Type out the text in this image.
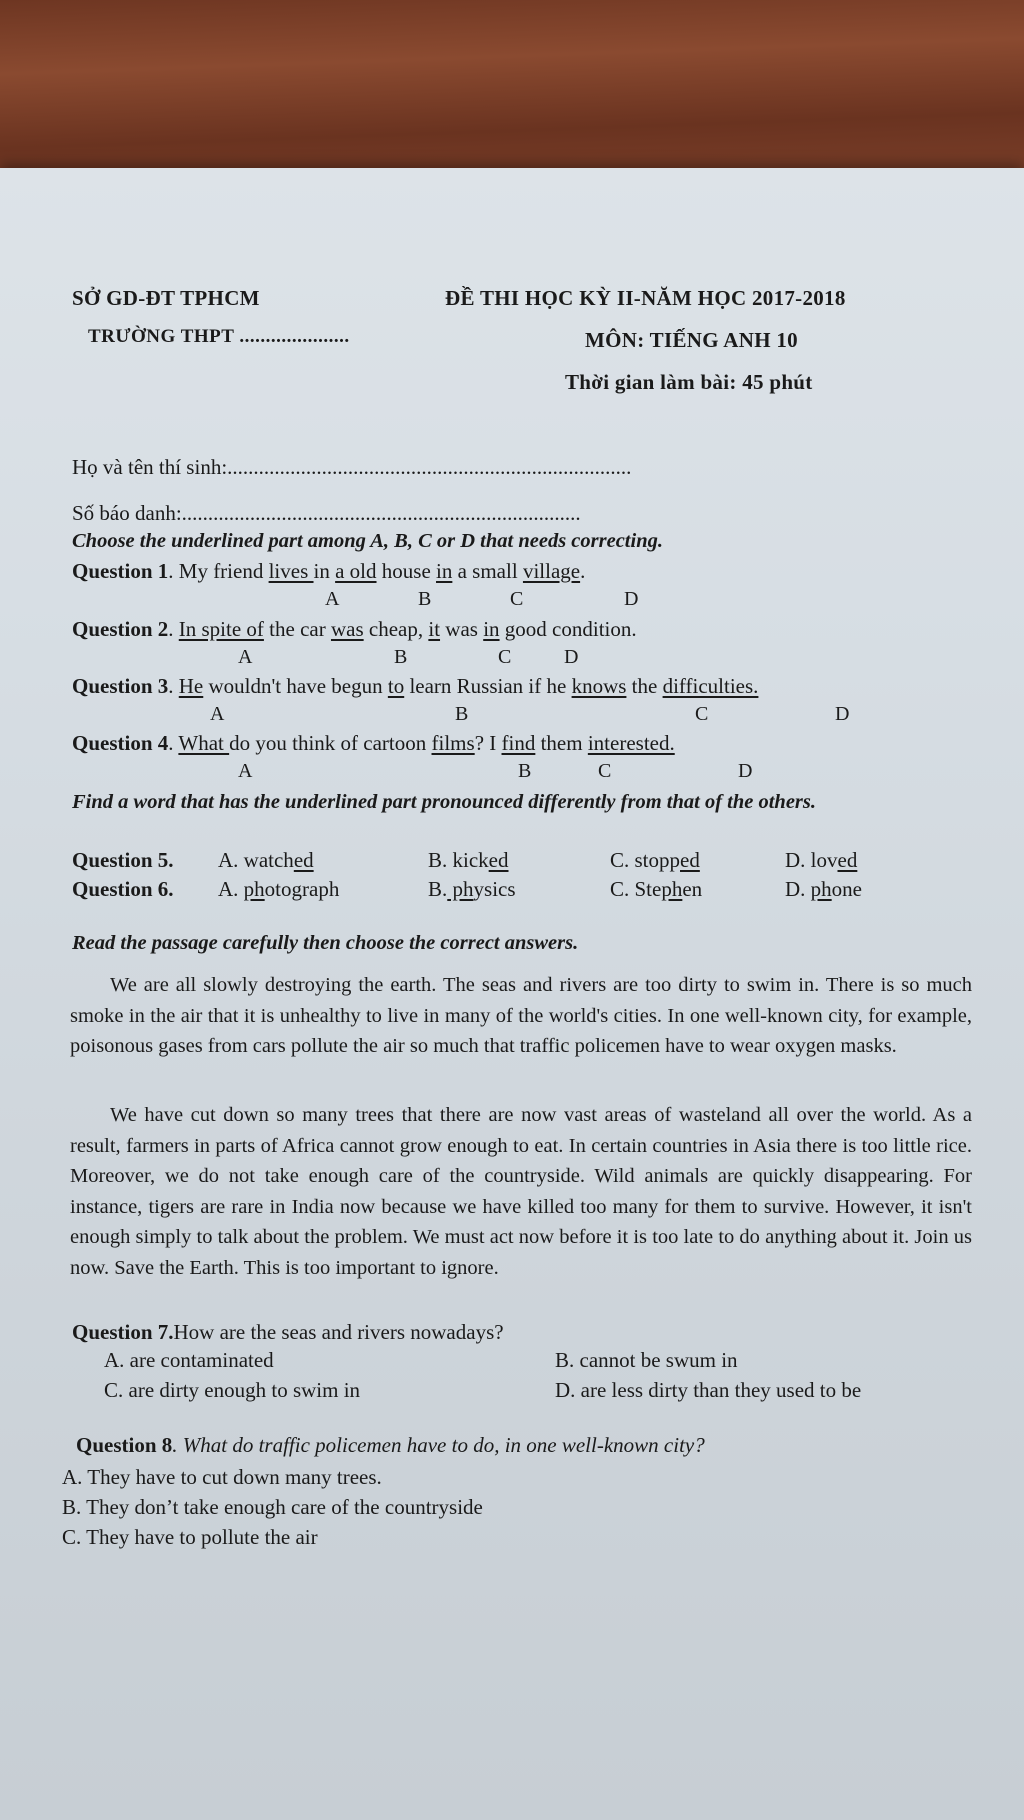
SỞ GD-ĐT TPHCM
TRƯỜNG THPT .....................
ĐỀ THI HỌC KỲ II-NĂM HỌC 2017-2018
MÔN: TIẾNG ANH 10
Thời gian làm bài: 45 phút
Họ và tên thí sinh:.............................................................................
Số báo danh:............................................................................
Choose the underlined part among A, B, C or D that needs correcting.
Question 1. My friend lives in a old house in a small village.
A	B	C	D
Question 2. In spite of the car was cheap, it was in good condition.
A	B	C	D
Question 3. He wouldn't have begun to learn Russian if he knows the difficulties.
A	B	C	D
Question 4. What do you think of cartoon films? I find them interested.
A	B	C	D
Find a word that has the underlined part pronounced differently from that of the others.
Question 5. A. watched	B. kicked	C. stopped	D. loved
Question 6. A. photograph	B. physics	C. Stephen	D. phone
Read the passage carefully then choose the correct answers.
We are all slowly destroying the earth. The seas and rivers are too dirty to swim in. There is so much smoke in the air that it is unhealthy to live in many of the world's cities. In one well-known city, for example, poisonous gases from cars pollute the air so much that traffic policemen have to wear oxygen masks.
We have cut down so many trees that there are now vast areas of wasteland all over the world. As a result, farmers in parts of Africa cannot grow enough to eat. In certain countries in Asia there is too little rice. Moreover, we do not take enough care of the countryside. Wild animals are quickly disappearing. For instance, tigers are rare in India now because we have killed too many for them to survive. However, it isn't enough simply to talk about the problem. We must act now before it is too late to do anything about it. Join us now. Save the Earth. This is too important to ignore.
Question 7.How are the seas and rivers nowadays?
A. are contaminated	B. cannot be swum in
C. are dirty enough to swim in	D. are less dirty than they used to be
Question 8. What do traffic policemen have to do, in one well-known city?
A. They have to cut down many trees.
B. They don’t take enough care of the countryside
C. They have to pollute the air
